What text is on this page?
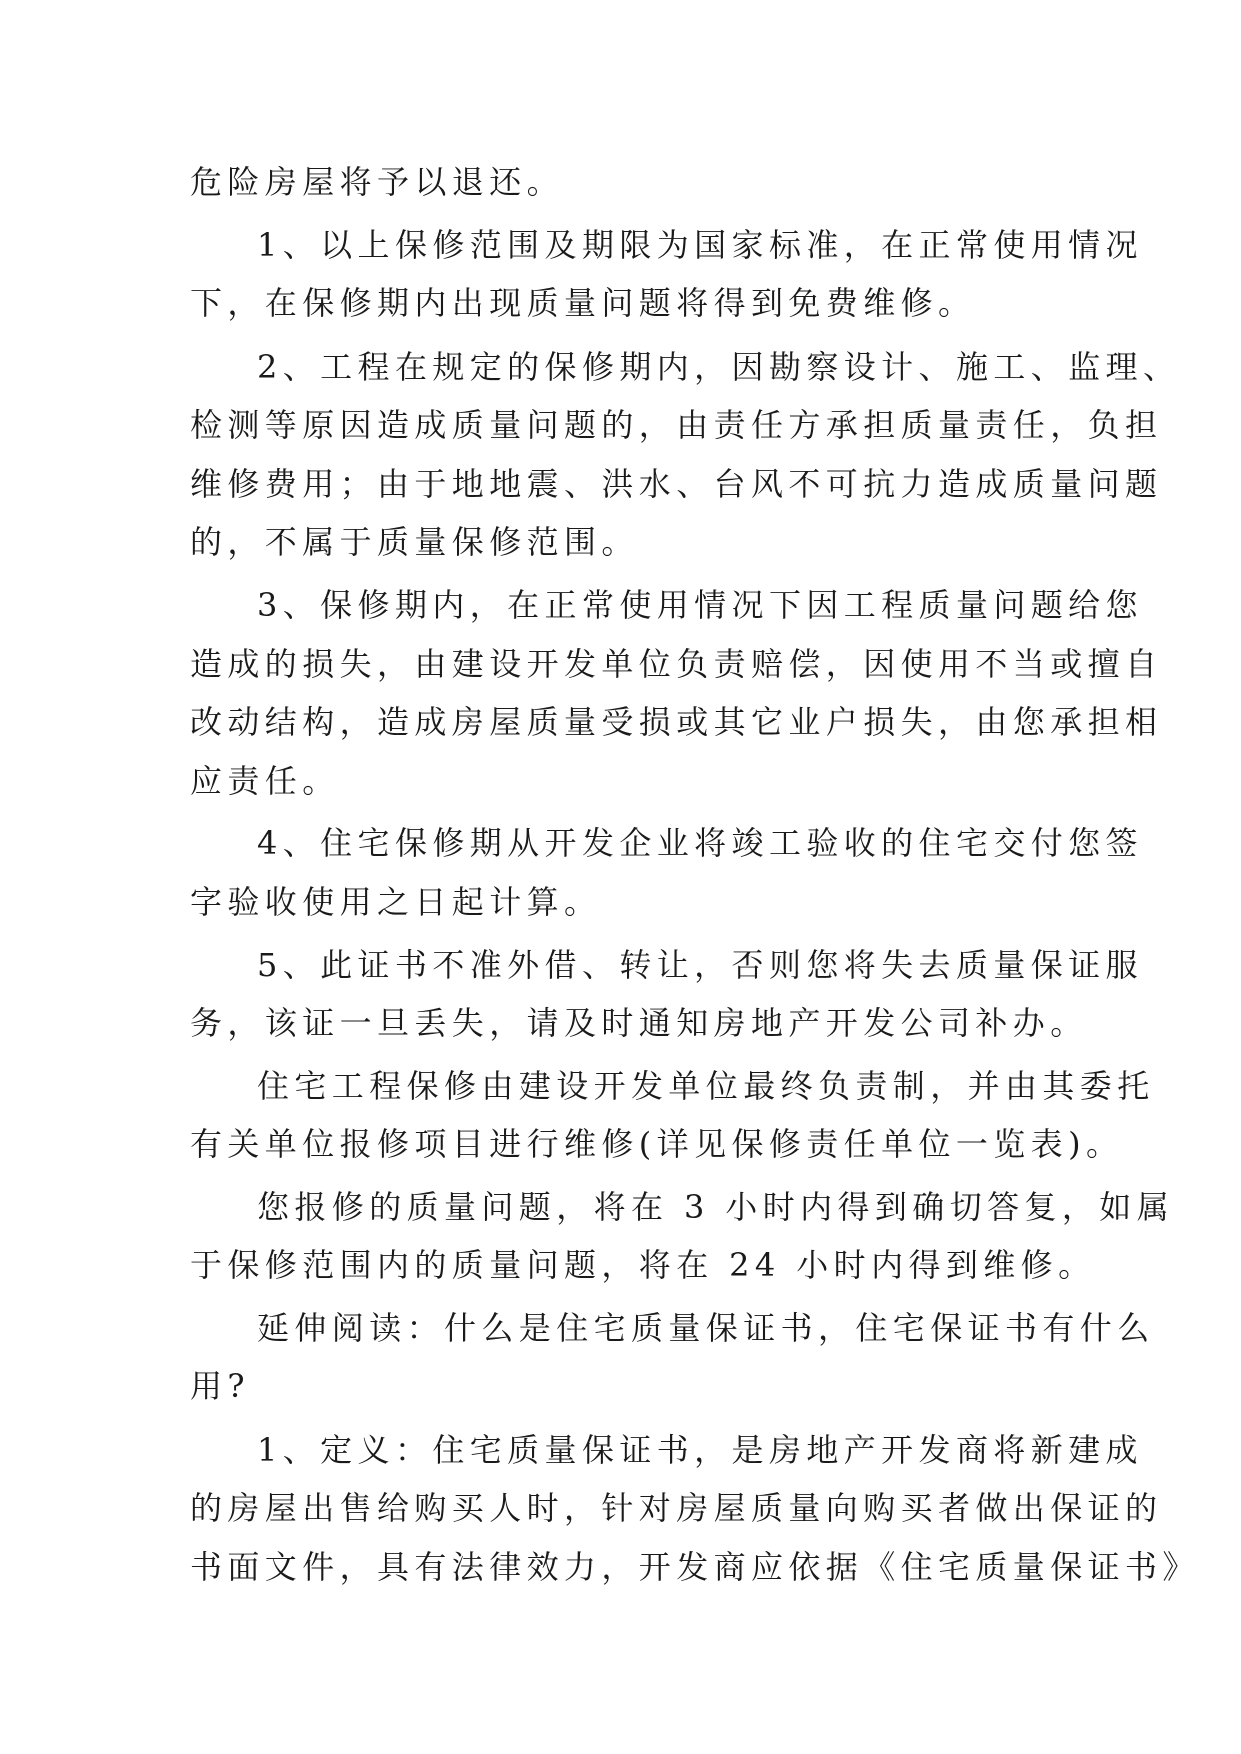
危险房屋将予以退还。
1、以上保修范围及期限为国家标准，在正常使用情况
下，在保修期内出现质量问题将得到免费维修。
2、工程在规定的保修期内，因勘察设计、施工、监理、
检测等原因造成质量问题的，由责任方承担质量责任，负担
维修费用；由于地地震、洪水、台风不可抗力造成质量问题
的，不属于质量保修范围。
3、保修期内，在正常使用情况下因工程质量问题给您
造成的损失，由建设开发单位负责赔偿，因使用不当或擅自
改动结构，造成房屋质量受损或其它业户损失，由您承担相
应责任。
4、住宅保修期从开发企业将竣工验收的住宅交付您签
字验收使用之日起计算。
5、此证书不准外借、转让，否则您将失去质量保证服
务，该证一旦丢失，请及时通知房地产开发公司补办。
住宅工程保修由建设开发单位最终负责制，并由其委托
有关单位报修项目进行维修(详见保修责任单位一览表)。
您报修的质量问题，将在 3 小时内得到确切答复，如属
于保修范围内的质量问题，将在 24 小时内得到维修。
延伸阅读：什么是住宅质量保证书，住宅保证书有什么
用?
1、定义：住宅质量保证书，是房地产开发商将新建成
的房屋出售给购买人时，针对房屋质量向购买者做出保证的
书面文件，具有法律效力，开发商应依据《住宅质量保证书》
